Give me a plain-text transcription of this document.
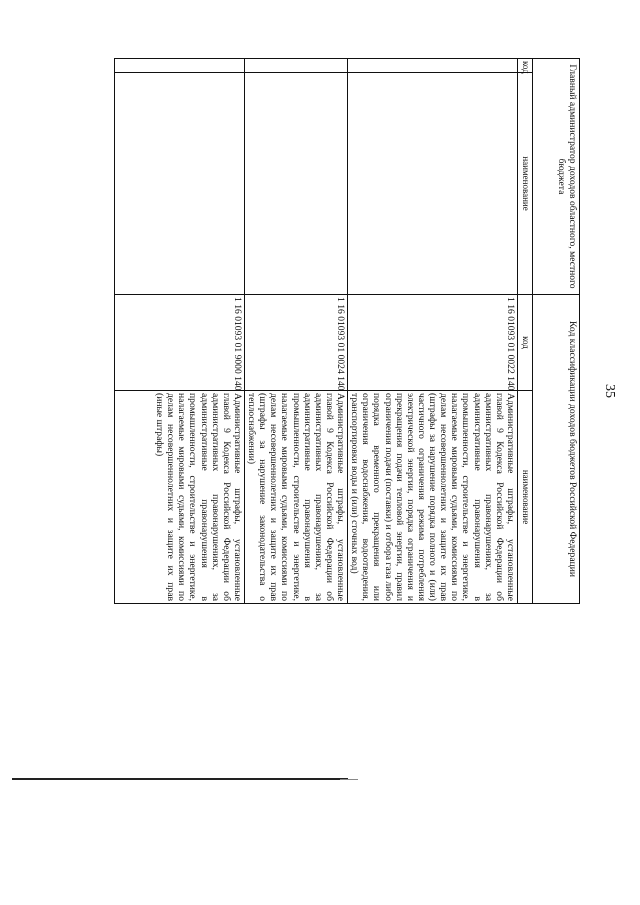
35
Главный администратор доходов областного, местного бюджета		Код классификации доходов бюджетов Российской Федерации	
код	наименование	код	наименование
		1 16 01093 01 0022 140	Административные штрафы, установленные главой 9 Кодекса Российской Федерации об административных правонарушениях, за административные правонарушения в промышленности, строительстве и энергетике, налагаемые мировыми судьями, комиссиями по делам несовершеннолетних и защите их прав (штрафы за нарушение порядка полного и (или) частичного ограничения режима потребления электрической энергии, порядка ограничения и прекращения подачи тепловой энергии, правил ограничения подачи (поставки) и отбора газа либо порядка временного прекращения или ограничения водоснабжения, водоотведения, транспортировки воды и (или) сточных вод)
		1 16 01093 01 0024 140	Административные штрафы, установленные главой 9 Кодекса Российской Федерации об административных правонарушениях, за административные правонарушения в промышленности, строительстве и энергетике, налагаемые мировыми судьями, комиссиями по делам несовершеннолетних и защите их прав (штрафы за нарушение законодательства о теплоснабжении)
		1 16 01093 01 9000 140	Административные штрафы, установленные главой 9 Кодекса Российской Федерации об административных правонарушениях, за административные правонарушения в промышленности, строительстве и энергетике, налагаемые мировыми судьями, комиссиями по делам несовершеннолетних и защите их прав (иные штрафы)
